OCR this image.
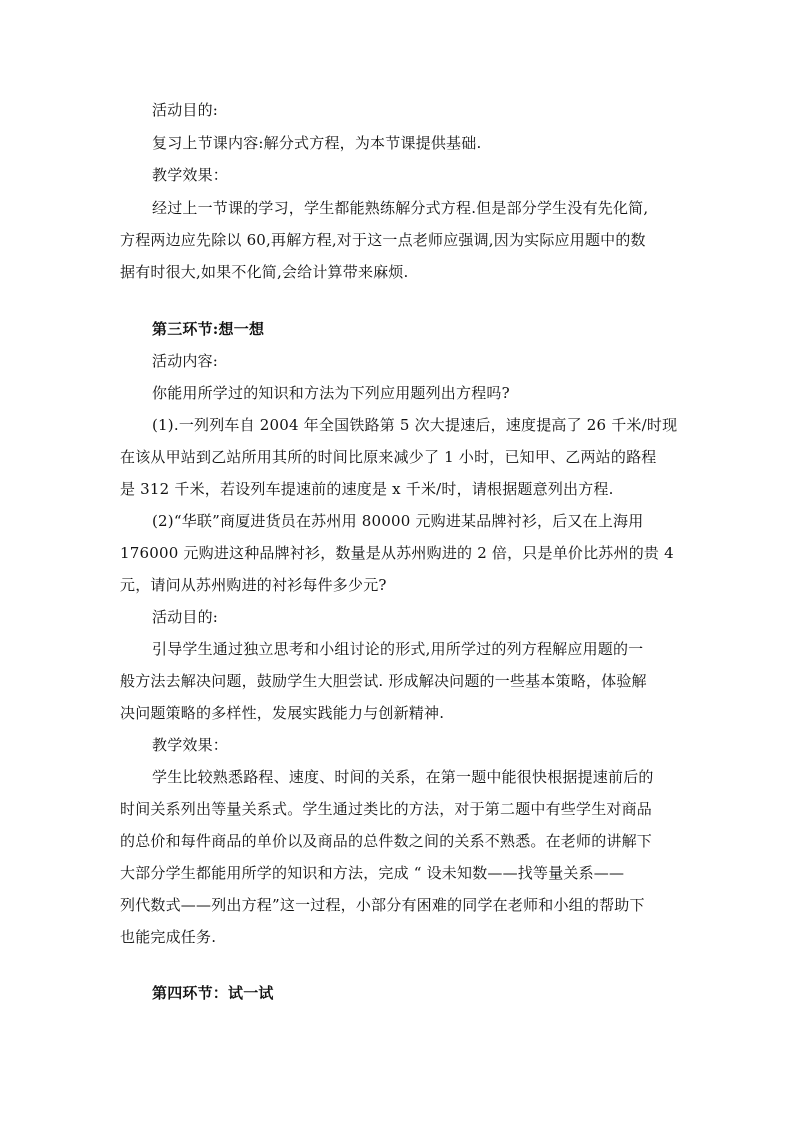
活动目的:
复习上节课内容:解分式方程，为本节课提供基础.
教学效果：
经过上一节课的学习，学生都能熟练解分式方程.但是部分学生没有先化简,
方程两边应先除以 60,再解方程,对于这一点老师应强调,因为实际应用题中的数
据有时很大,如果不化简,会给计算带来麻烦.
第三环节:想一想
活动内容:
你能用所学过的知识和方法为下列应用题列出方程吗?
(1).一列列车自 2004 年全国铁路第 5 次大提速后，速度提高了 26 千米/时现
在该从甲站到乙站所用其所的时间比原来减少了 1 小时，已知甲、乙两站的路程
是 312 千米，若设列车提速前的速度是 x 千米/时，请根据题意列出方程.
(2)“华联”商厦进货员在苏州用 80000 元购进某品牌衬衫，后又在上海用
176000 元购进这种品牌衬衫，数量是从苏州购进的 2 倍，只是单价比苏州的贵 4
元，请问从苏州购进的衬衫每件多少元?
活动目的:
引导学生通过独立思考和小组讨论的形式,用所学过的列方程解应用题的一
般方法去解决问题，鼓励学生大胆尝试. 形成解决问题的一些基本策略，体验解
决问题策略的多样性，发展实践能力与创新精神.
教学效果：
学生比较熟悉路程、速度、时间的关系，在第一题中能很快根据提速前后的
时间关系列出等量关系式。学生通过类比的方法，对于第二题中有些学生对商品
的总价和每件商品的单价以及商品的总件数之间的关系不熟悉。在老师的讲解下
大部分学生都能用所学的知识和方法，完成 “ 设未知数——找等量关系——
列代数式——列出方程”这一过程，小部分有困难的同学在老师和小组的帮助下
也能完成任务.
第四环节：试一试
